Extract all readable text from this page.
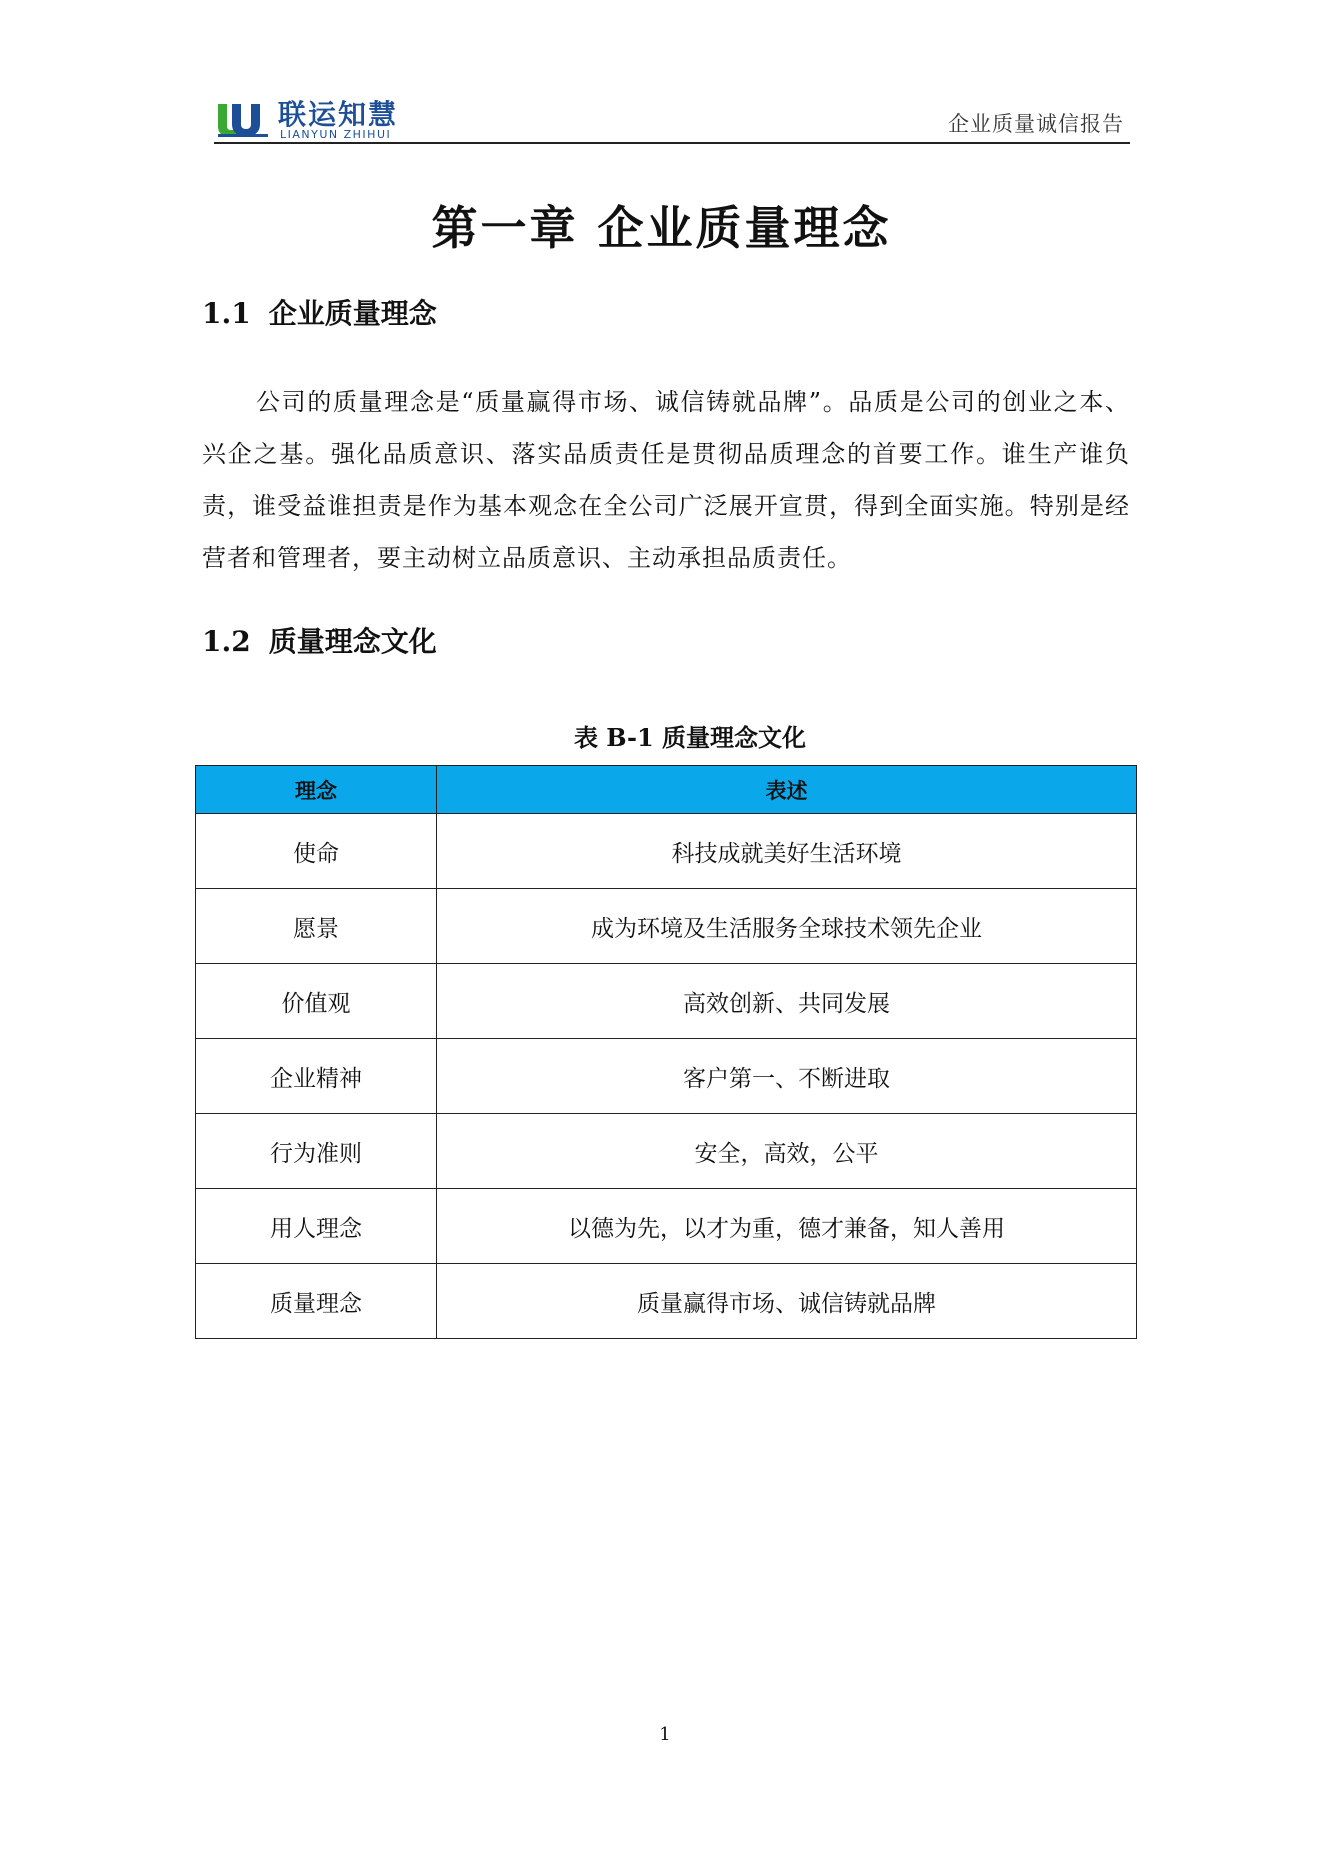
联运知慧
LIANYUN ZHIHUI	企业质量诚信报告
第一章 企业质量理念
1.1 企业质量理念
公司的质量理念是“质量赢得市场、诚信铸就品牌”。品质是公司的创业之本、兴企之基。强化品质意识、落实品质责任是贯彻品质理念的首要工作。谁生产谁负责，谁受益谁担责是作为基本观念在全公司广泛展开宣贯，得到全面实施。特别是经营者和管理者，要主动树立品质意识、主动承担品质责任。
1.2 质量理念文化
表 B-1 质量理念文化
理念	表述
使命	科技成就美好生活环境
愿景	成为环境及生活服务全球技术领先企业
价值观	高效创新、共同发展
企业精神	客户第一、不断进取
行为准则	安全，高效，公平
用人理念	以德为先，以才为重，德才兼备，知人善用
质量理念	质量赢得市场、诚信铸就品牌
1
